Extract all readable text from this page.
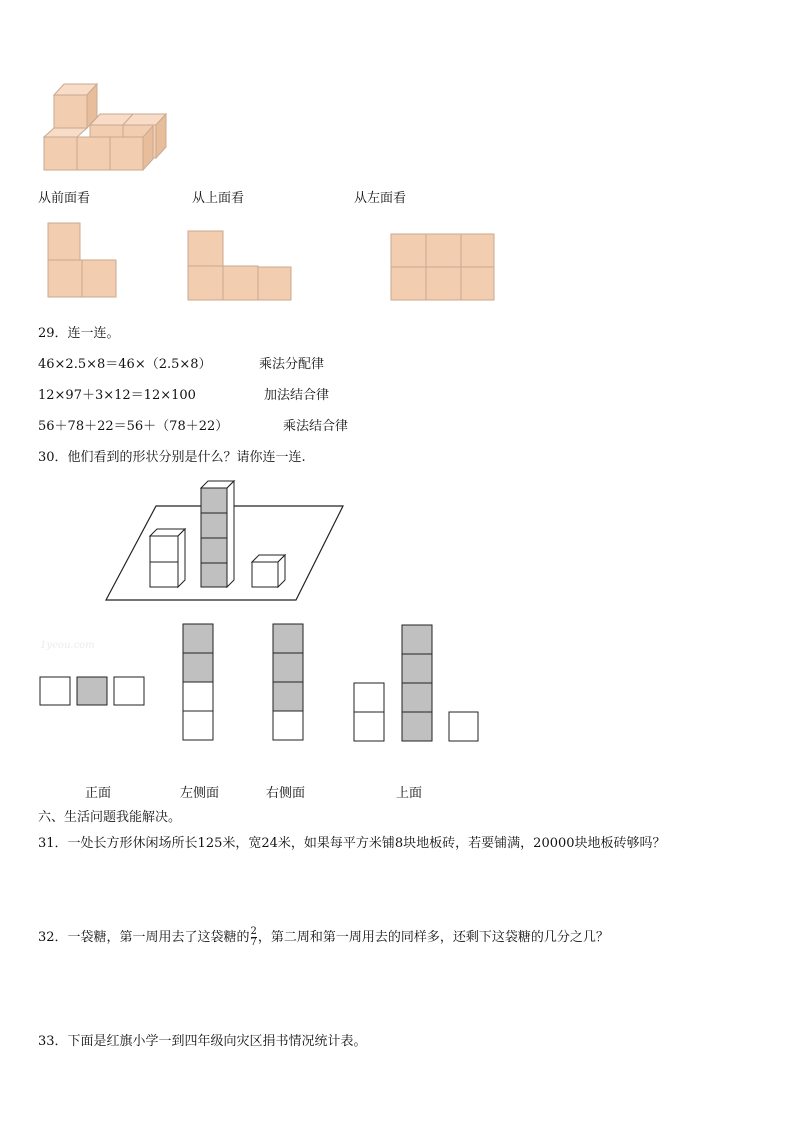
从前面看	从上面看	从左面看
29．连一连。
46×2.5×8＝46×（2.5×8）	乘法分配律
12×97＋3×12＝12×100	加法结合律
56＋78＋22＝56＋（78＋22）	乘法结合律
30．他们看到的形状分别是什么？请你连一连.
1yeou.com
正面	左侧面	右侧面	上面
六、生活问题我能解决。
31．一处长方形休闲场所长125米，宽24米，如果每平方米铺8块地板砖，若要铺满，20000块地板砖够吗？
32．一袋糖，第一周用去了这袋糖的 $\frac{2}{7}$ ，第二周和第一周用去的同样多，还剩下这袋糖的几分之几？
33．下面是红旗小学一到四年级向灾区捐书情况统计表。
